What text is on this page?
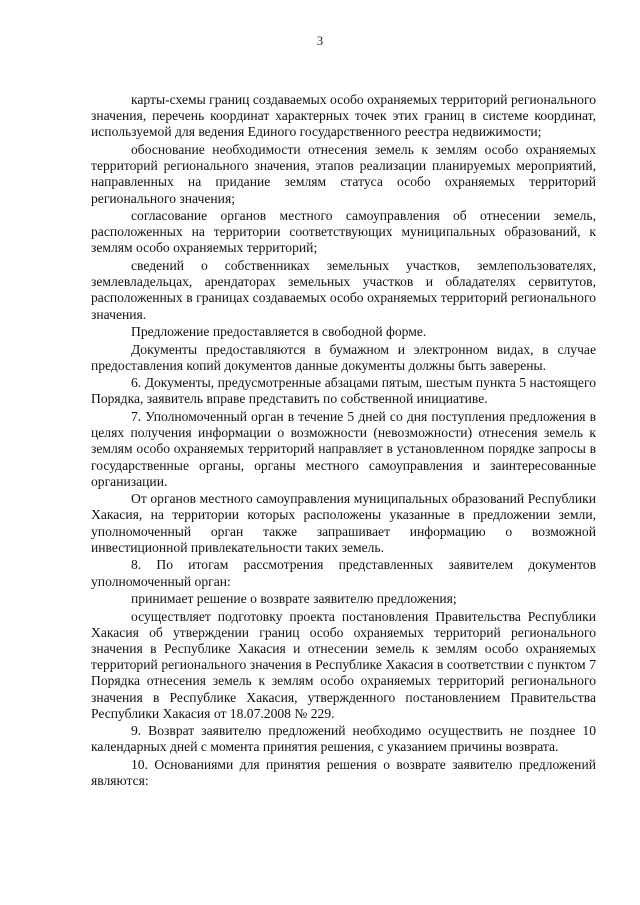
3

карты-схемы границ создаваемых особо охраняемых территорий регионального значения, перечень координат характерных точек этих границ в системе координат, используемой для ведения Единого государственного реестра недвижимости;

обоснование необходимости отнесения земель к землям особо охраняемых территорий регионального значения, этапов реализации планируемых мероприятий, направленных на придание землям статуса особо охраняемых территорий регионального значения;

согласование органов местного самоуправления об отнесении земель, расположенных на территории соответствующих муниципальных образований, к землям особо охраняемых территорий;

сведений о собственниках земельных участков, землепользователях, землевладельцах, арендаторах земельных участков и обладателях сервитутов, расположенных в границах создаваемых особо охраняемых территорий регионального значения.

Предложение предоставляется в свободной форме.

Документы предоставляются в бумажном и электронном видах, в случае предоставления копий документов данные документы должны быть заверены.

6. Документы, предусмотренные абзацами пятым, шестым пункта 5 настоящего Порядка, заявитель вправе представить по собственной инициативе.

7. Уполномоченный орган в течение 5 дней со дня поступления предложения в целях получения информации о возможности (невозможности) отнесения земель к землям особо охраняемых территорий направляет в установленном порядке запросы в государственные органы, органы местного самоуправления и заинтересованные организации.

От органов местного самоуправления муниципальных образований Республики Хакасия, на территории которых расположены указанные в предложении земли, уполномоченный орган также запрашивает информацию о возможной инвестиционной привлекательности таких земель.

8. По итогам рассмотрения представленных заявителем документов уполномоченный орган:

принимает решение о возврате заявителю предложения;

осуществляет подготовку проекта постановления Правительства Республики Хакасия об утверждении границ особо охраняемых территорий регионального значения в Республике Хакасия и отнесении земель к землям особо охраняемых территорий регионального значения в Республике Хакасия в соответствии с пунктом 7 Порядка отнесения земель к землям особо охраняемых территорий регионального значения в Республике Хакасия, утвержденного постановлением Правительства Республики Хакасия от 18.07.2008 № 229.

9. Возврат заявителю предложений необходимо осуществить не позднее 10 календарных дней с момента принятия решения, с указанием причины возврата.

10. Основаниями для принятия решения о возврате заявителю предложений являются:
